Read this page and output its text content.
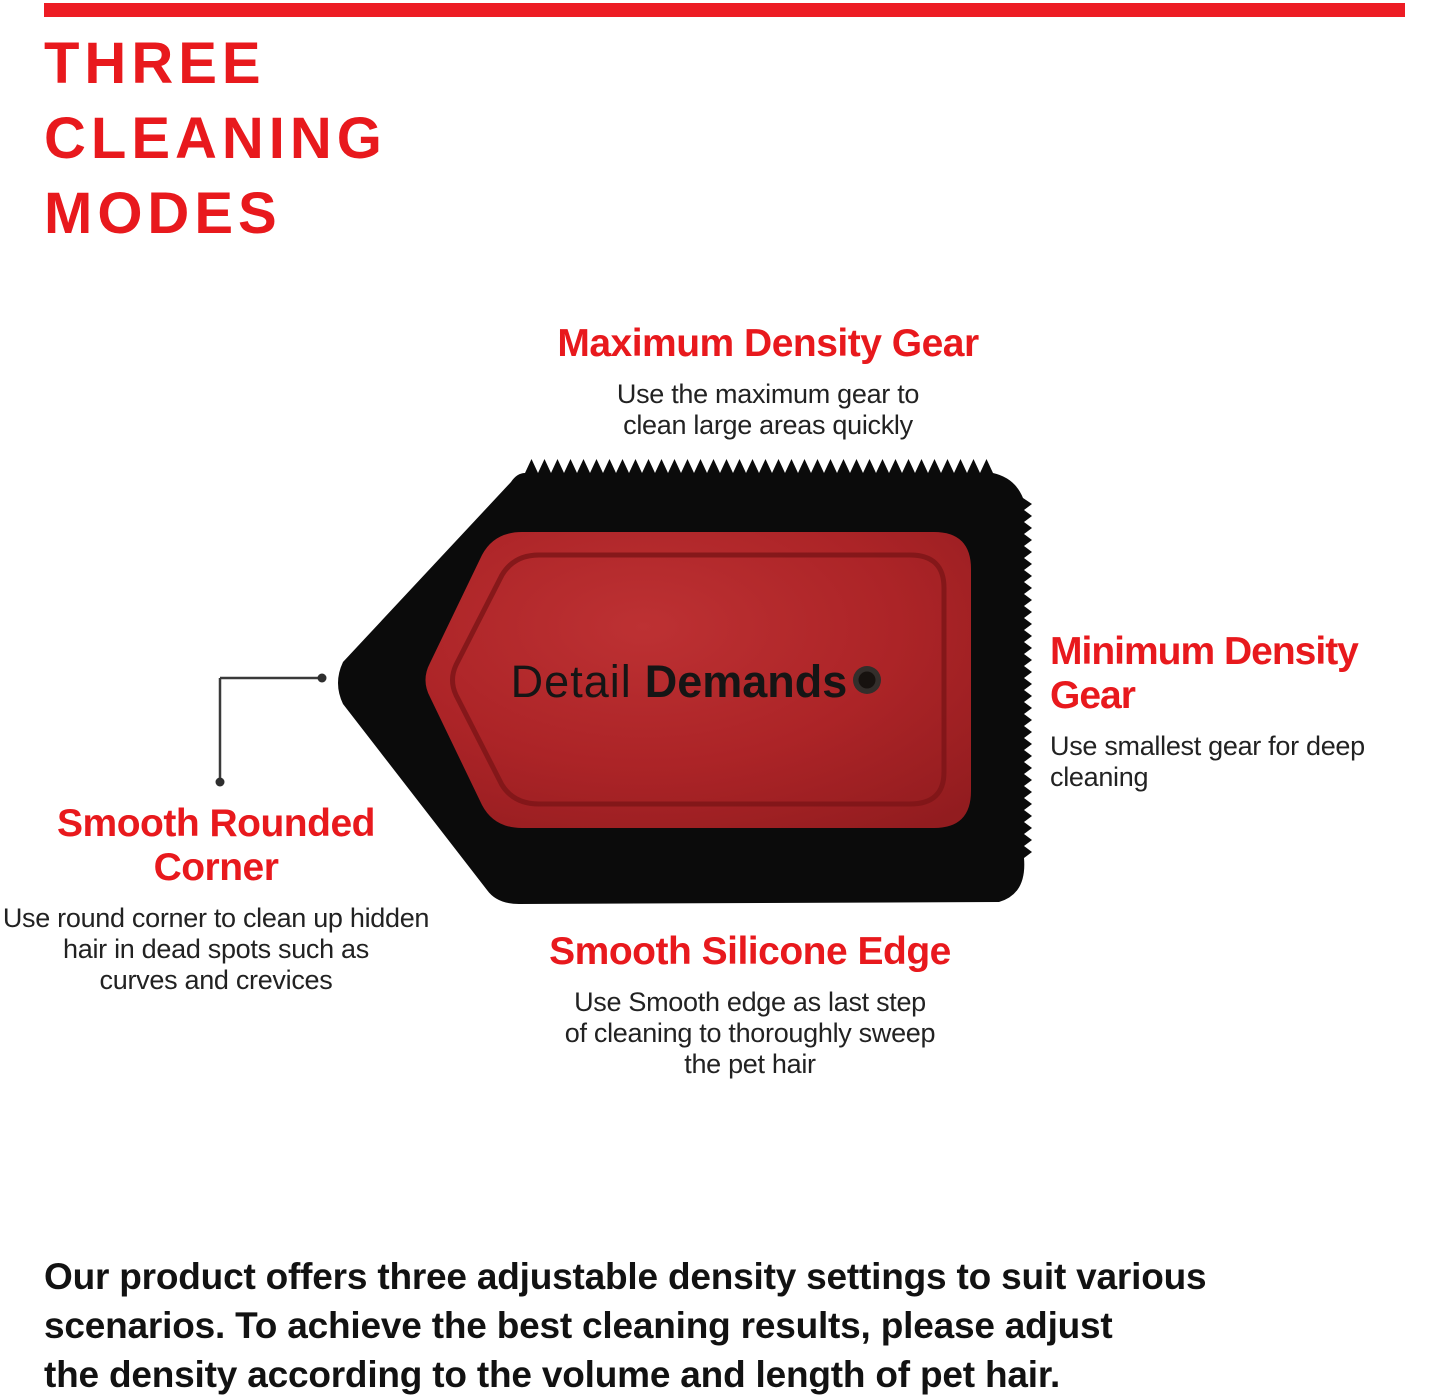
THREE
CLEANING
MODES
Maximum Density Gear
Use the maximum gear to
clean large areas quickly
Minimum Density Gear
Use smallest gear for deep cleaning
Smooth Rounded Corner
Use round corner to clean up hidden
hair in dead spots such as
curves and crevices
Smooth Silicone Edge
Use Smooth edge as last step
of cleaning to thoroughly sweep
the pet hair
Detail Demands
Our product offers three adjustable density settings to suit various
scenarios. To achieve the best cleaning results, please adjust
the density according to the volume and length of pet hair.
